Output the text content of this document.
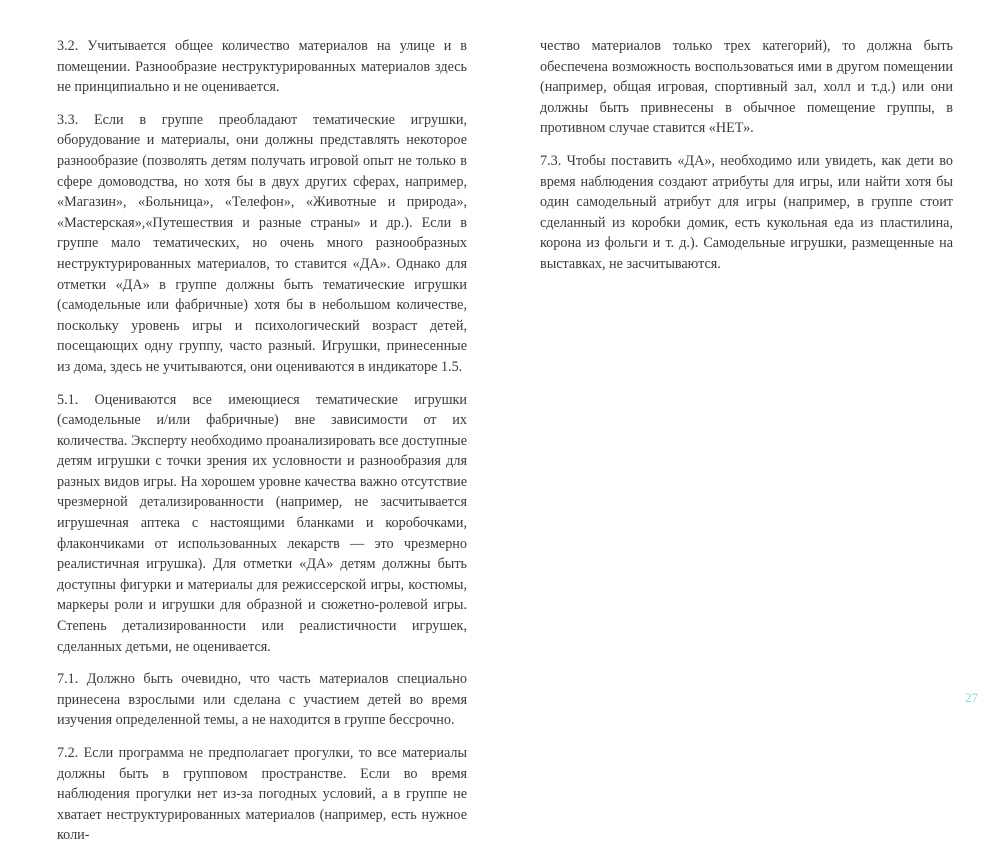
3.2. Учитывается общее количество материалов на улице и в помещении. Разнообразие неструктурированных материалов здесь не принципиально и не оценивается.

3.3. Если в группе преобладают тематические игрушки, оборудование и материалы, они должны представлять некоторое разнообразие (позволять детям получать игровой опыт не только в сфере домоводства, но хотя бы в двух других сферах, например, «Магазин», «Больница», «Телефон», «Животные и природа», «Мастерская»,«Путешествия и разные страны» и др.). Если в группе мало тематических, но очень много разнообразных неструктурированных материалов, то ставится «ДА». Однако для отметки «ДА» в группе должны быть тематические игрушки (самодельные или фабричные) хотя бы в небольшом количестве, поскольку уровень игры и психологический возраст детей, посещающих одну группу, часто разный. Игрушки, принесенные из дома, здесь не учитываются, они оцениваются в индикаторе 1.5.

5.1. Оцениваются все имеющиеся тематические игрушки (самодельные и/или фабричные) вне зависимости от их количества. Эксперту необходимо проанализировать все доступные детям игрушки с точки зрения их условности и разнообразия для разных видов игры. На хорошем уровне качества важно отсутствие чрезмерной детализированности (например, не засчитывается игрушечная аптека с настоящими бланками и коробочками, флакончиками от использованных лекарств — это чрезмерно реалистичная игрушка). Для отметки «ДА» детям должны быть доступны фигурки и материалы для режиссерской игры, костюмы, маркеры роли и игрушки для образной и сюжетно-ролевой игры. Степень детализированности или реалистичности игрушек, сделанных детьми, не оценивается.

7.1. Должно быть очевидно, что часть материалов специально принесена взрослыми или сделана с участием детей во время изучения определенной темы, а не находится в группе бессрочно.

7.2. Если программа не предполагает прогулки, то все материалы должны быть в групповом пространстве. Если во время наблюдения прогулки нет из-за погодных условий, а в группе не хватает неструктурированных материалов (например, есть нужное коли-

чество материалов только трех категорий), то должна быть обеспечена возможность воспользоваться ими в другом помещении (например, общая игровая, спортивный зал, холл и т.д.) или они должны быть привнесены в обычное помещение группы, в противном случае ставится «НЕТ».

7.3. Чтобы поставить «ДА», необходимо или увидеть, как дети во время наблюдения создают атрибуты для игры, или найти хотя бы один самодельный атрибут для игры (например, в группе стоит сделанный из коробки домик, есть кукольная еда из пластилина, корона из фольги и т. д.). Самодельные игрушки, размещенные на выставках, не засчитываются.

27
